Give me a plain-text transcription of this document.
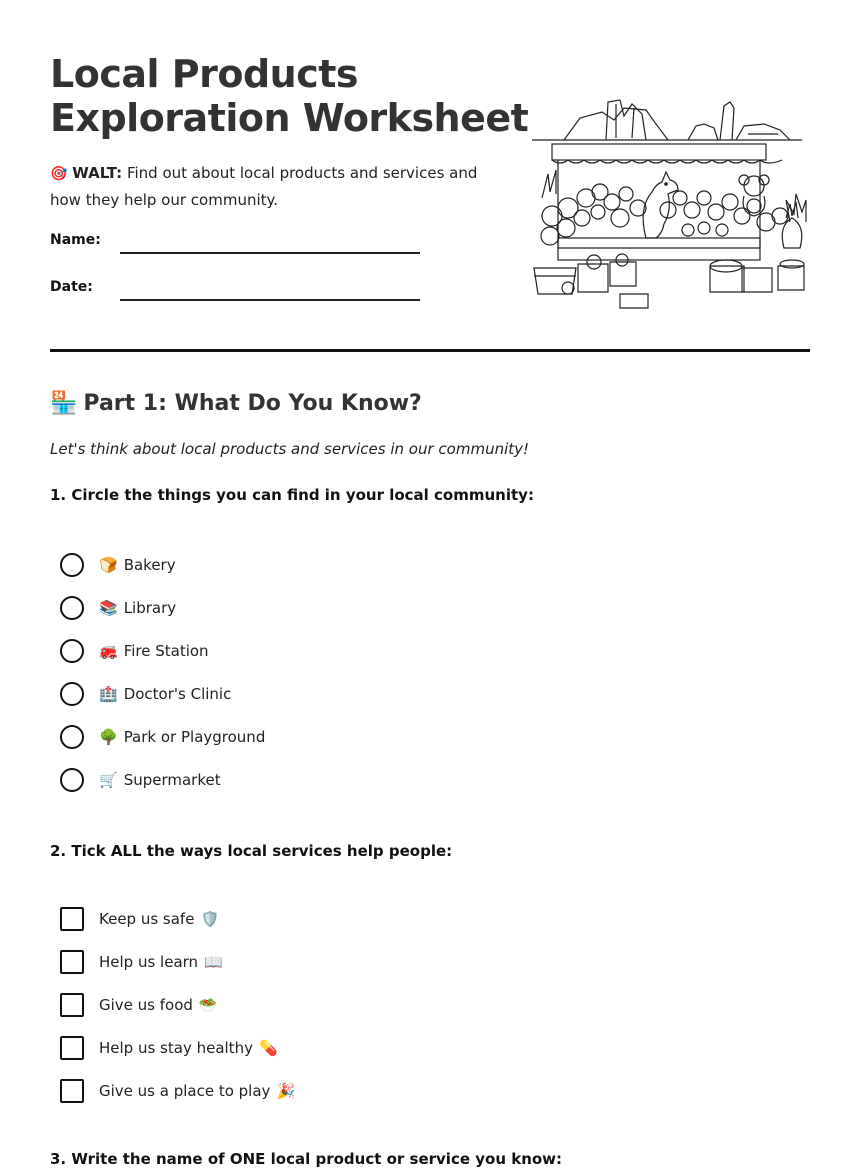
Local Products
Exploration Worksheet
🎯 WALT: Find out about local products and services and how they help our community.
Name:
Date:
🏪 Part 1: What Do You Know?
Let's think about local products and services in our community!
1. Circle the things you can find in your local community:
🍞 Bakery
📚 Library
🚒 Fire Station
🏥 Doctor's Clinic
🌳 Park or Playground
🛒 Supermarket
2. Tick ALL the ways local services help people:
Keep us safe 🛡️
Help us learn 📖
Give us food 🥗
Help us stay healthy 💊
Give us a place to play 🎉
3. Write the name of ONE local product or service you know:
